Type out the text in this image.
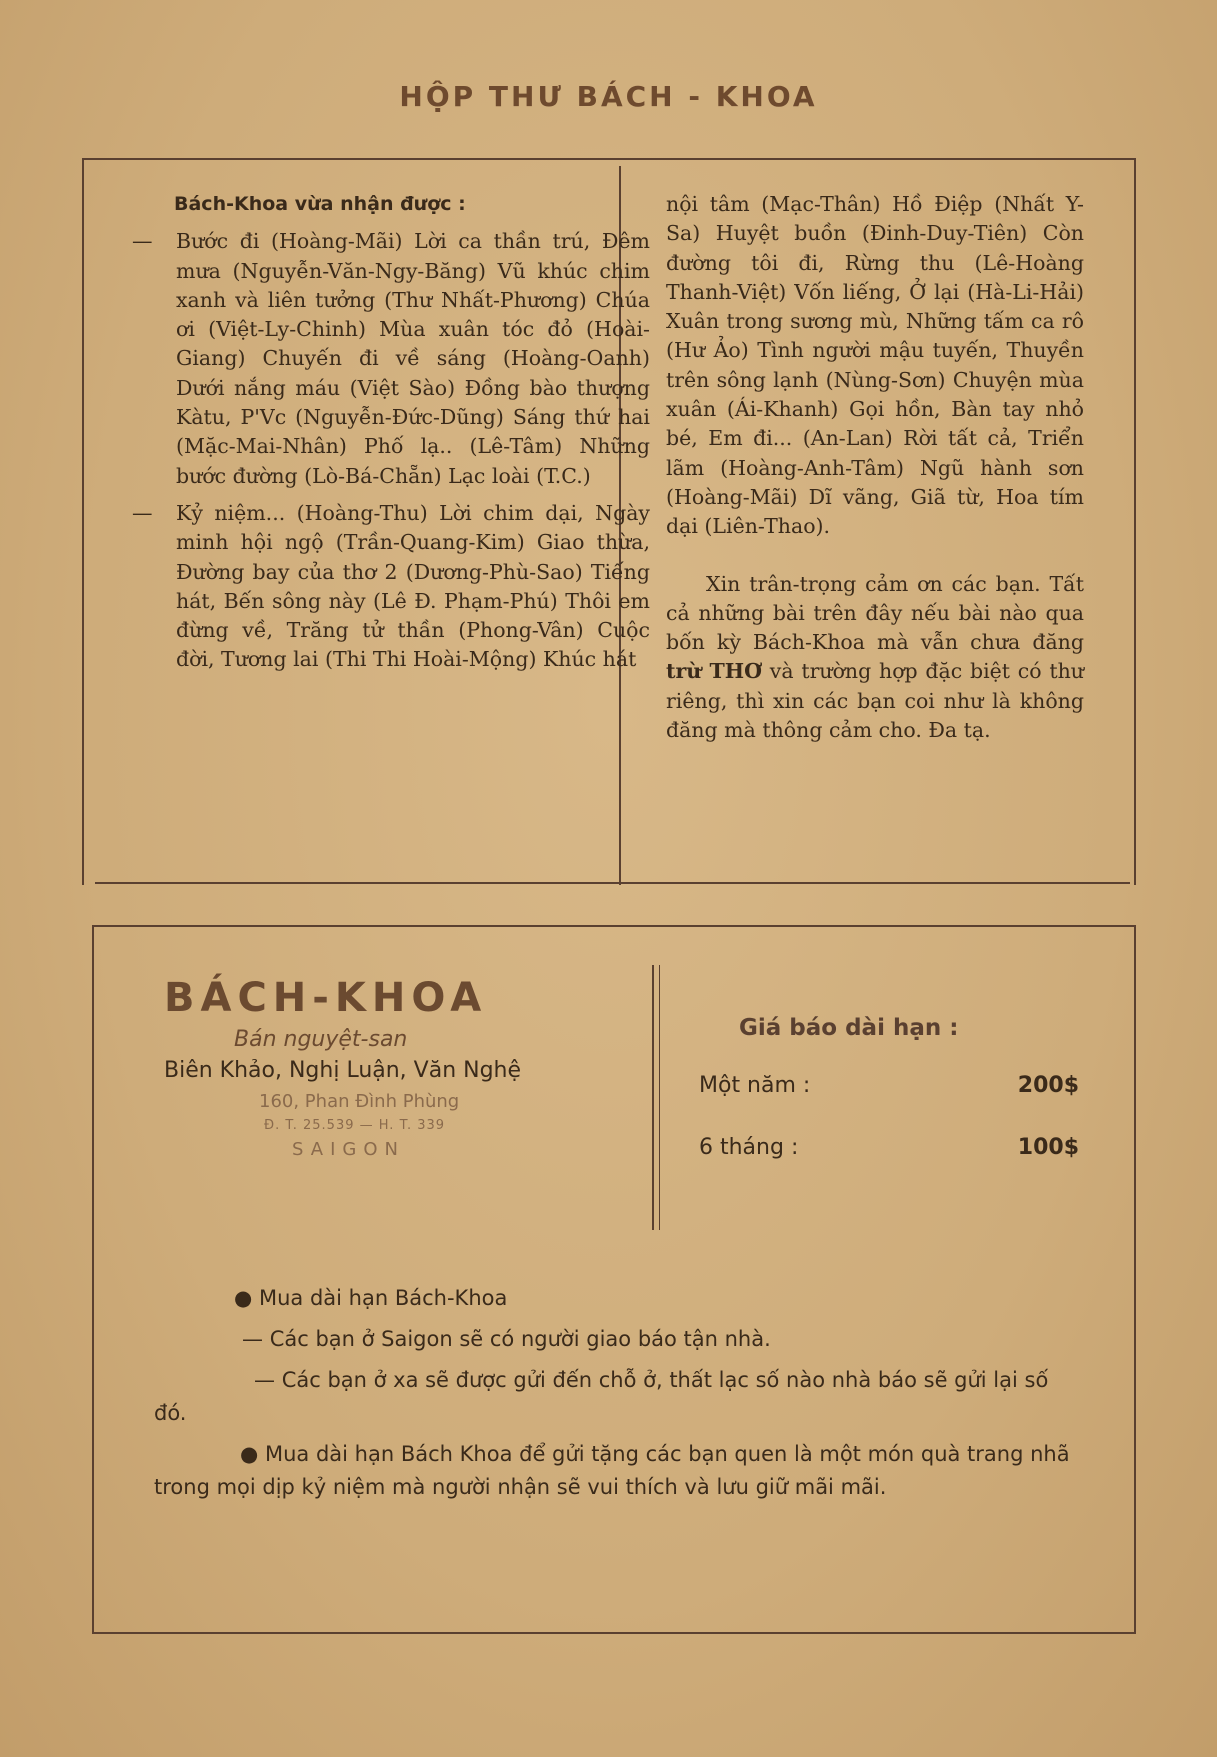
HỘP THƯ BÁCH - KHOA
Bách-Khoa vừa nhận được :
— Bước đi (Hoàng-Mãi) Lời ca thần trú, Đêm mưa (Nguyễn-Văn-Ngy-Băng) Vũ khúc chim xanh và liên tưởng (Thư Nhất-Phương) Chúa ơi (Việt-Ly-Chinh) Mùa xuân tóc đỏ (Hoài-Giang) Chuyến đi về sáng (Hoàng-Oanh) Dưới nắng máu (Việt Sào) Đồng bào thượng Kàtu, P'Vc (Nguyễn-Đức-Dũng) Sáng thứ hai (Mặc-Mai-Nhân) Phố lạ.. (Lê-Tâm) Những bước đường (Lò-Bá-Chẵn) Lạc loài (T.C.)
— Kỷ niệm... (Hoàng-Thu) Lời chim dại, Ngày minh hội ngộ (Trần-Quang-Kim) Giao thừa, Đường bay của thơ 2 (Dương-Phù-Sao) Tiếng hát, Bến sông này (Lê Đ. Phạm-Phú) Thôi em đừng về, Trăng tử thần (Phong-Vân) Cuộc đời, Tương lai (Thi Thi Hoài-Mộng) Khúc hát

nội tâm (Mạc-Thân) Hồ Điệp (Nhất Y-Sa) Huyệt buồn (Đinh-Duy-Tiên) Còn đường tôi đi, Rừng thu (Lê-Hoàng Thanh-Việt) Vốn liếng, Ở lại (Hà-Li-Hải) Xuân trong sương mù, Những tấm ca rô (Hư Ảo) Tình người mậu tuyến, Thuyền trên sông lạnh (Nùng-Sơn) Chuyện mùa xuân (Ái-Khanh) Gọi hồn, Bàn tay nhỏ bé, Em đi... (An-Lan) Rời tất cả, Triển lãm (Hoàng-Anh-Tâm) Ngũ hành sơn (Hoàng-Mãi) Dĩ vãng, Giã từ, Hoa tím dại (Liên-Thao).

Xin trân-trọng cảm ơn các bạn. Tất cả những bài trên đây nếu bài nào qua bốn kỳ Bách-Khoa mà vẫn chưa đăng trừ THƠ và trường hợp đặc biệt có thư riêng, thì xin các bạn coi như là không đăng mà thông cảm cho. Đa tạ.

BÁCH-KHOA
Bán nguyệt-san
Biên Khảo, Nghị Luận, Văn Nghệ
160, Phan Đình Phùng
Đ. T. 25.539 — H. T. 339
SAIGON
Giá báo dài hạn :
Một năm :	200$
6 tháng :	100$

● Mua dài hạn Bách-Khoa

— Các bạn ở Saigon sẽ có người giao báo tận nhà.

— Các bạn ở xa sẽ được gửi đến chỗ ở, thất lạc số nào nhà báo sẽ gửi lại số đó.

● Mua dài hạn Bách Khoa để gửi tặng các bạn quen là một món quà trang nhã trong mọi dịp kỷ niệm mà người nhận sẽ vui thích và lưu giữ mãi mãi.
